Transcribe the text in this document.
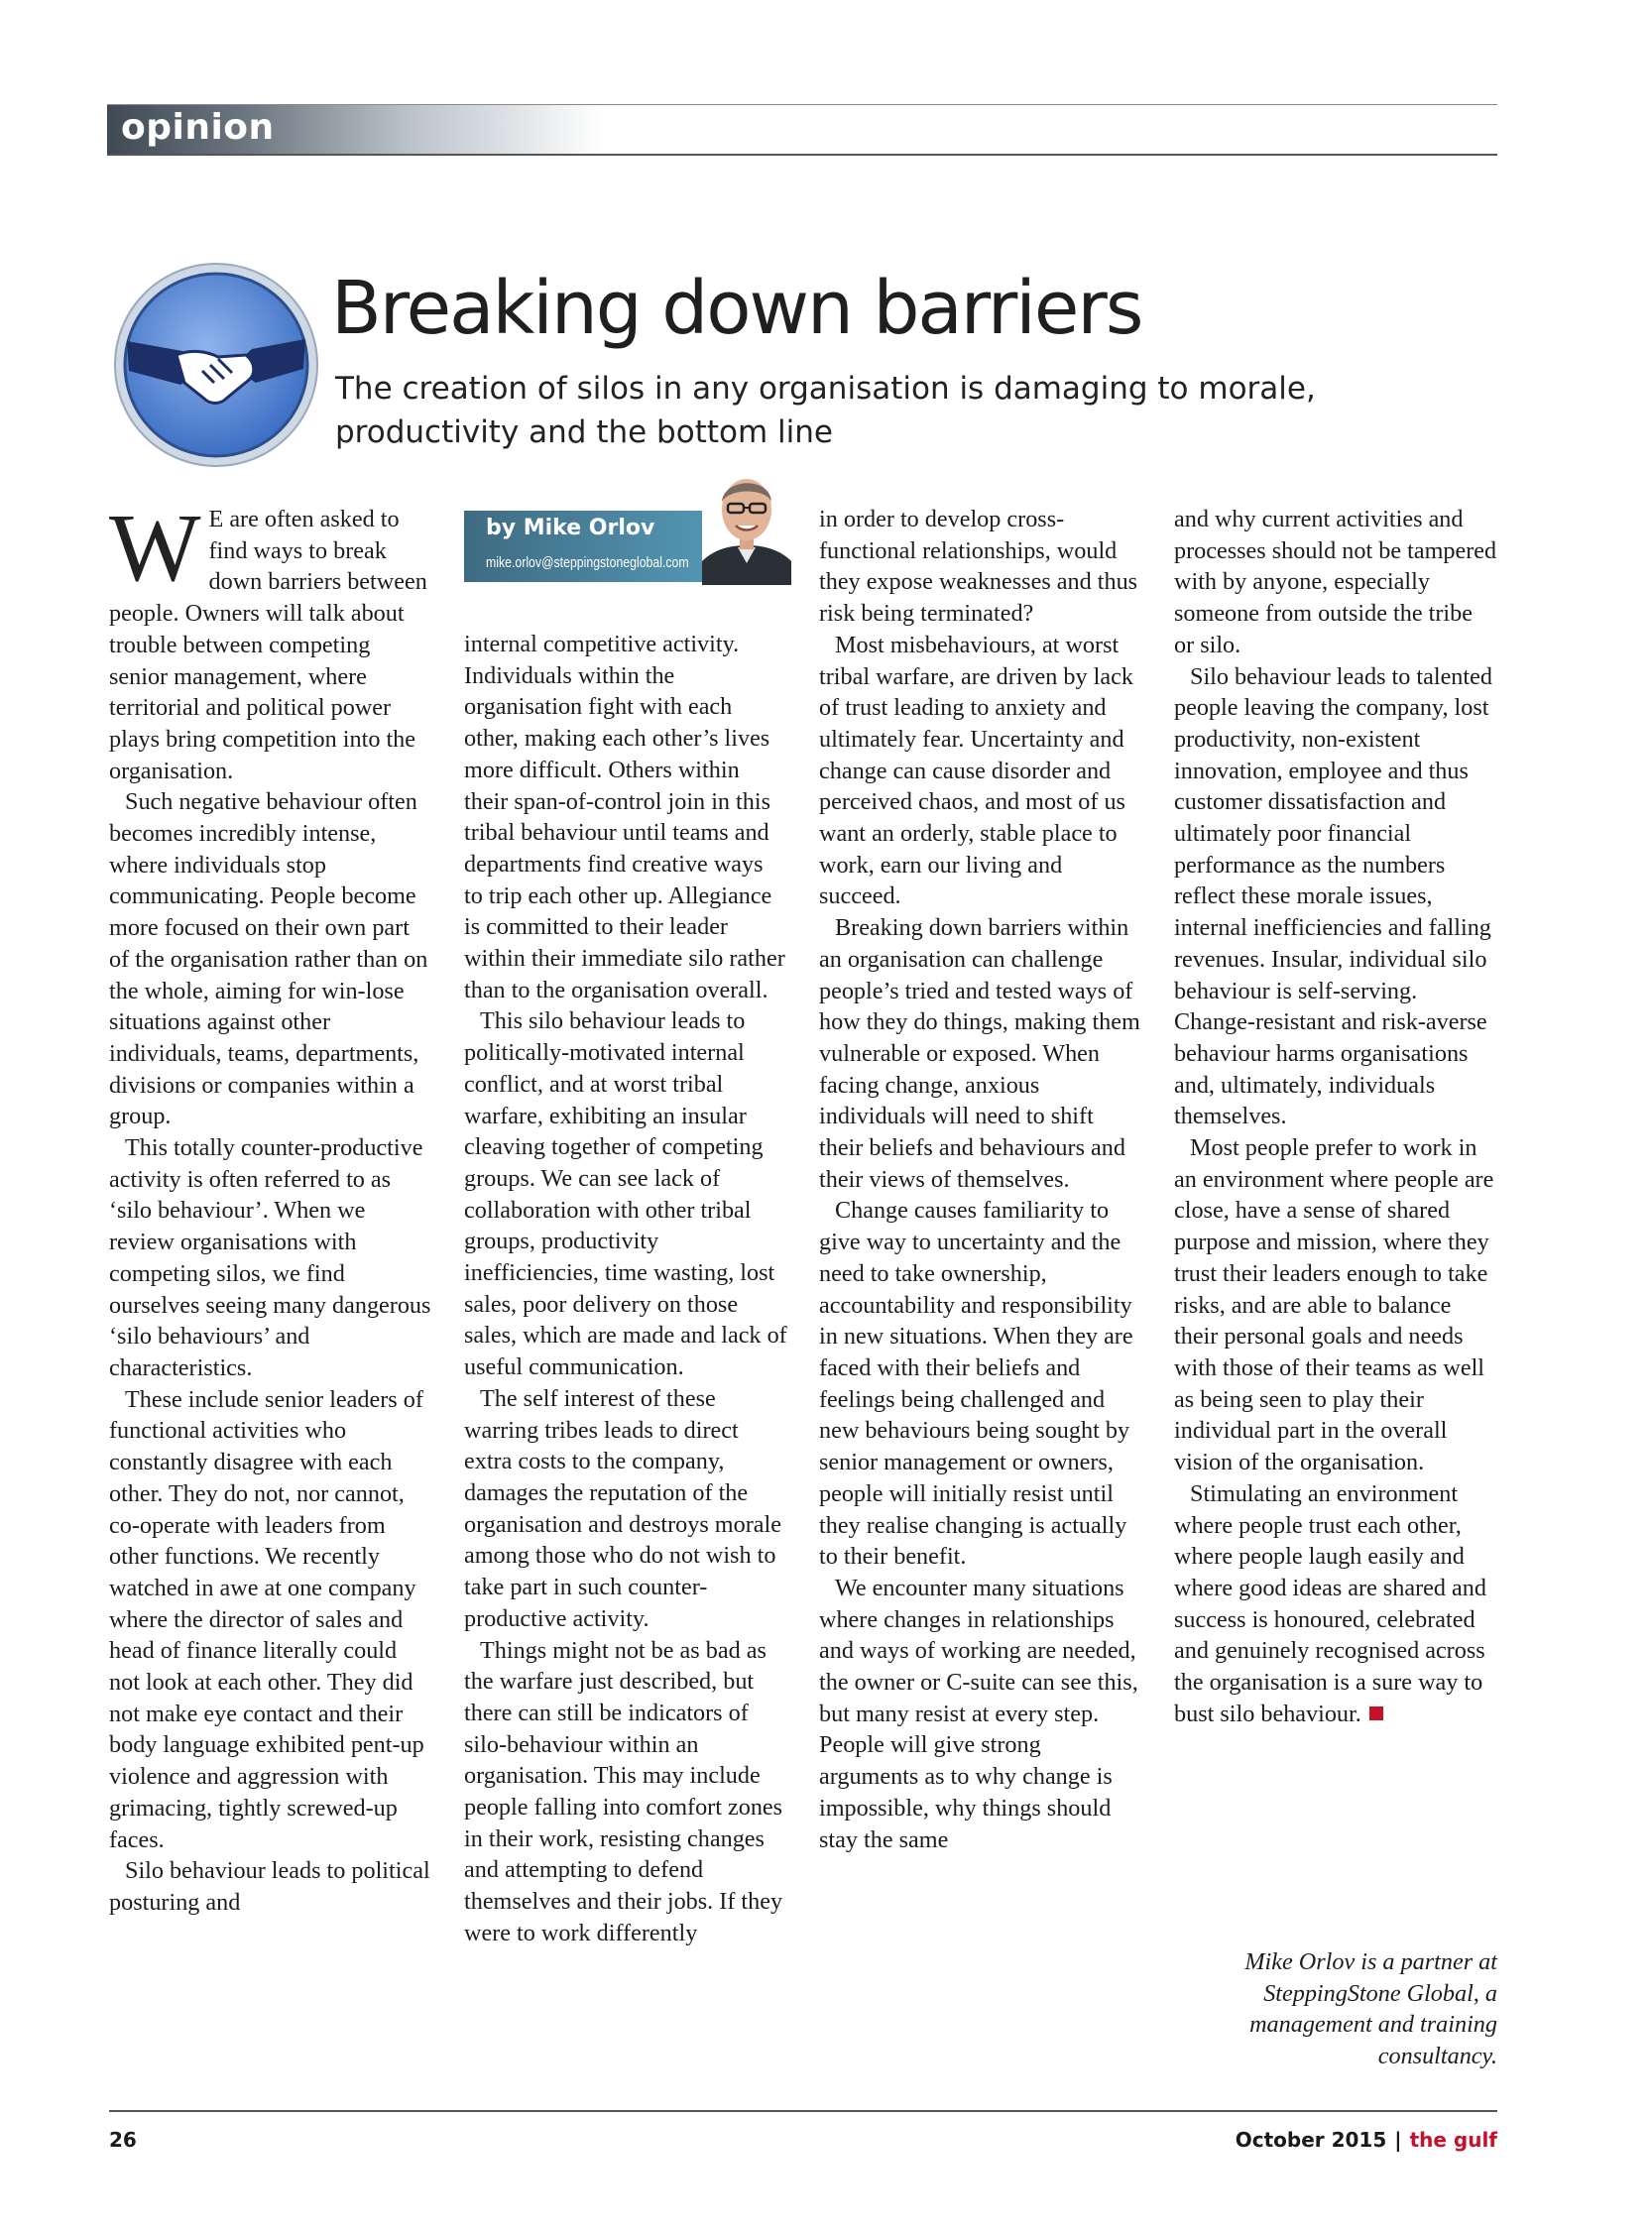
opinion
Breaking down barriers

The creation of silos in any organisation is damaging to morale, productivity and the bottom line

by Mike Orlov
mike.orlov@steppingstoneglobal.com

W E are often asked to find ways to break down barriers between people. Owners will talk about trouble between competing senior management, where territorial and political power plays bring competition into the organisation.

Such negative behaviour often becomes incredibly intense, where individuals stop communicating. People become more focused on their own part of the organisation rather than on the whole, aiming for win-lose situations against other individuals, teams, departments, divisions or companies within a group.

This totally counter-productive activity is often referred to as ‘silo behaviour’. When we review organisations with competing silos, we find ourselves seeing many dangerous ‘silo behaviours’ and characteristics.

These include senior leaders of functional activities who constantly disagree with each other. They do not, nor cannot, co-operate with leaders from other functions. We recently watched in awe at one company where the director of sales and head of finance literally could not look at each other. They did not make eye contact and their body language exhibited pent-up violence and aggression with grimacing, tightly screwed-up faces.

Silo behaviour leads to political posturing and

internal competitive activity. Individuals within the organisation fight with each other, making each other’s lives more difficult. Others within their span-of-control join in this tribal behaviour until teams and departments find creative ways to trip each other up. Allegiance is committed to their leader within their immediate silo rather than to the organisation overall.

This silo behaviour leads to politically-motivated internal conflict, and at worst tribal warfare, exhibiting an insular cleaving together of competing groups. We can see lack of collaboration with other tribal groups, productivity inefficiencies, time wasting, lost sales, poor delivery on those sales, which are made and lack of useful communication.

The self interest of these warring tribes leads to direct extra costs to the company, damages the reputation of the organisation and destroys morale among those who do not wish to take part in such counter-productive activity.

Things might not be as bad as the warfare just described, but there can still be indicators of silo-behaviour within an organisation. This may include people falling into comfort zones in their work, resisting changes and attempting to defend themselves and their jobs. If they were to work differently

in order to develop cross-functional relationships, would they expose weaknesses and thus risk being terminated?

Most misbehaviours, at worst tribal warfare, are driven by lack of trust leading to anxiety and ultimately fear. Uncertainty and change can cause disorder and perceived chaos, and most of us want an orderly, stable place to work, earn our living and succeed.

Breaking down barriers within an organisation can challenge people’s tried and tested ways of how they do things, making them vulnerable or exposed. When facing change, anxious individuals will need to shift their beliefs and behaviours and their views of themselves.

Change causes familiarity to give way to uncertainty and the need to take ownership, accountability and responsibility in new situations. When they are faced with their beliefs and feelings being challenged and new behaviours being sought by senior management or owners, people will initially resist until they realise changing is actually to their benefit.

We encounter many situations where changes in relationships and ways of working are needed, the owner or C-suite can see this, but many resist at every step. People will give strong arguments as to why change is impossible, why things should stay the same

and why current activities and processes should not be tampered with by anyone, especially someone from outside the tribe or silo.

Silo behaviour leads to talented people leaving the company, lost productivity, non-existent innovation, employee and thus customer dissatisfaction and ultimately poor financial performance as the numbers reflect these morale issues, internal inefficiencies and falling revenues. Insular, individual silo behaviour is self-serving. Change-resistant and risk-averse behaviour harms organisations and, ultimately, individuals themselves.

Most people prefer to work in an environment where people are close, have a sense of shared purpose and mission, where they trust their leaders enough to take risks, and are able to balance their personal goals and needs with those of their teams as well as being seen to play their individual part in the overall vision of the organisation.

Stimulating an environment where people trust each other, where people laugh easily and where good ideas are shared and success is honoured, celebrated and genuinely recognised across the organisation is a sure way to bust silo behaviour.

Mike Orlov is a partner at SteppingStone Global, a management and training consultancy.

26	October 2015 | the gulf
